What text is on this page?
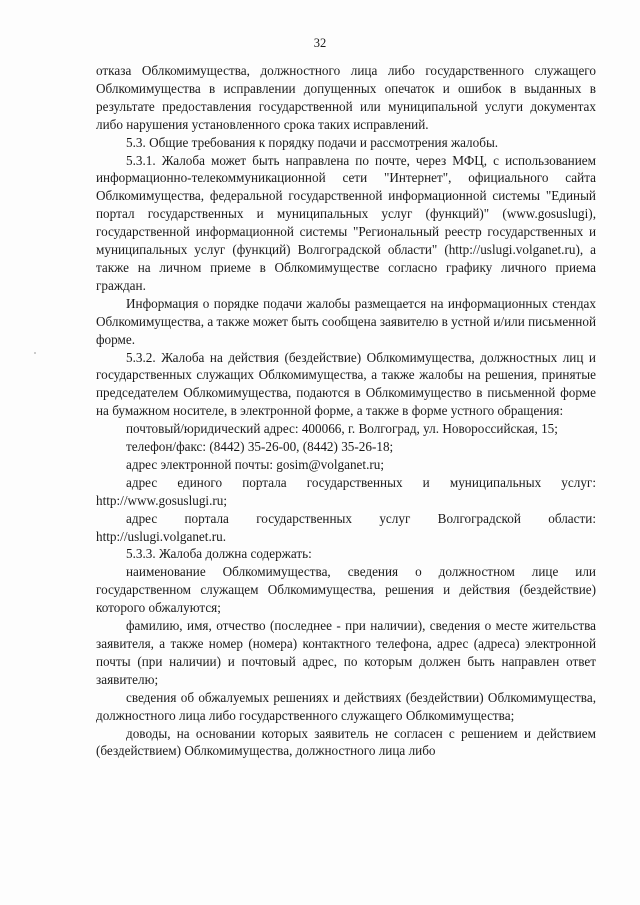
32

отказа Облкомимущества, должностного лица либо государственного служащего Облкомимущества в исправлении допущенных опечаток и ошибок в выданных в результате предоставления государственной или муниципальной услуги документах либо нарушения установленного срока таких исправлений.

5.3. Общие требования к порядку подачи и рассмотрения жалобы.

5.3.1. Жалоба может быть направлена по почте, через МФЦ, с использованием информационно-телекоммуникационной сети "Интернет", официального сайта Облкомимущества, федеральной государственной информационной системы "Единый портал государственных и муниципальных услуг (функций)" (www.gosuslugi), государственной информационной системы "Региональный реестр государственных и муниципальных услуг (функций) Волгоградской области" (http://uslugi.volganet.ru), а также на личном приеме в Облкомимуществе согласно графику личного приема граждан.

Информация о порядке подачи жалобы размещается на информационных стендах Облкомимущества, а также может быть сообщена заявителю в устной и/или письменной форме.

5.3.2. Жалоба на действия (бездействие) Облкомимущества, должностных лиц и государственных служащих Облкомимущества, а также жалобы на решения, принятые председателем Облкомимущества, подаются в Облкомимущество в письменной форме на бумажном носителе, в электронной форме, а также в форме устного обращения:

почтовый/юридический адрес: 400066, г. Волгоград, ул. Новороссийская, 15;

телефон/факс: (8442) 35-26-00, (8442) 35-26-18;

адрес электронной почты: gosim@volganet.ru;

адрес единого портала государственных и муниципальных услуг: http://www.gosuslugi.ru;

адрес портала государственных услуг Волгоградской области: http://uslugi.volganet.ru.

5.3.3. Жалоба должна содержать:

наименование Облкомимущества, сведения о должностном лице или государственном служащем Облкомимущества, решения и действия (бездействие) которого обжалуются;

фамилию, имя, отчество (последнее - при наличии), сведения о месте жительства заявителя, а также номер (номера) контактного телефона, адрес (адреса) электронной почты (при наличии) и почтовый адрес, по которым должен быть направлен ответ заявителю;

сведения об обжалуемых решениях и действиях (бездействии) Облкомимущества, должностного лица либо государственного служащего Облкомимущества;

доводы, на основании которых заявитель не согласен с решением и действием (бездействием) Облкомимущества, должностного лица либо
